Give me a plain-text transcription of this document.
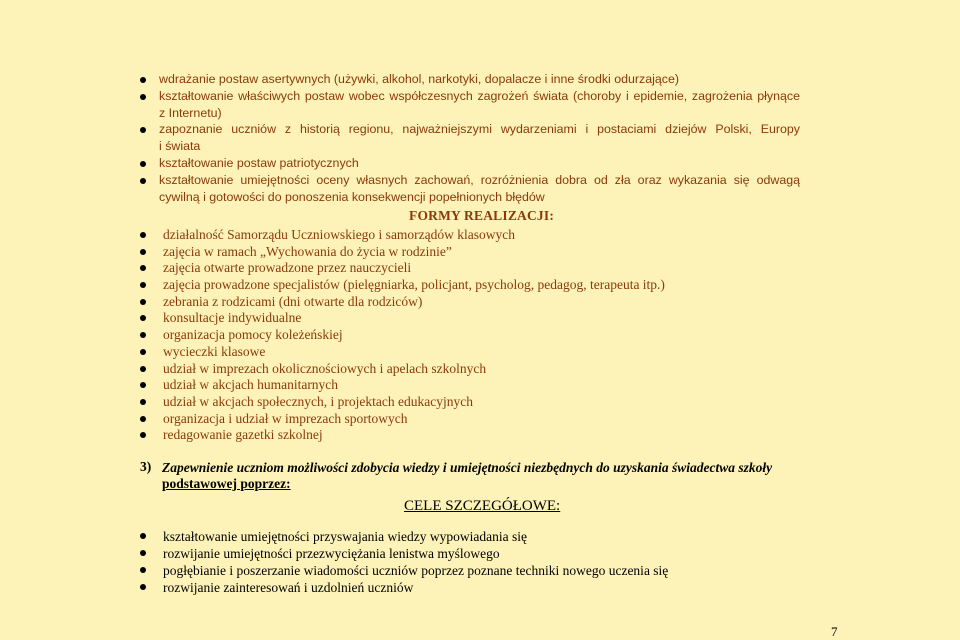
wdrażanie postaw asertywnych (używki, alkohol, narkotyki, dopalacze i inne środki odurzające)
kształtowanie właściwych postaw wobec współczesnych zagrożeń świata (choroby i epidemie, zagrożenia płynące
z Internetu)
zapoznanie uczniów z historią regionu, najważniejszymi wydarzeniami i postaciami dziejów Polski, Europy
i świata
kształtowanie postaw patriotycznych
kształtowanie umiejętności oceny własnych zachowań, rozróżnienia dobra od zła oraz wykazania się odwagą
cywilną i gotowości do ponoszenia konsekwencji popełnionych błędów
FORMY REALIZACJI:
działalność Samorządu Uczniowskiego i samorządów klasowych
zajęcia w ramach „Wychowania do życia w rodzinie”
zajęcia otwarte prowadzone przez nauczycieli
zajęcia prowadzone specjalistów (pielęgniarka, policjant, psycholog, pedagog, terapeuta itp.)
zebrania z rodzicami (dni otwarte dla rodziców)
konsultacje indywidualne
organizacja pomocy koleżeńskiej
wycieczki klasowe
udział w imprezach okolicznościowych i apelach szkolnych
udział w akcjach humanitarnych
udział w akcjach społecznych, i projektach edukacyjnych
organizacja i udział w imprezach sportowych
redagowanie gazetki szkolnej
3) Zapewnienie uczniom możliwości zdobycia wiedzy i umiejętności niezbędnych do uzyskania świadectwa szkoły
podstawowej poprzez:
CELE SZCZEGÓŁOWE:
kształtowanie umiejętności przyswajania wiedzy wypowiadania się
rozwijanie umiejętności przezwyciężania lenistwa myślowego
pogłębianie i poszerzanie wiadomości uczniów poprzez poznane techniki nowego uczenia się
rozwijanie zainteresowań i uzdolnień uczniów
7
